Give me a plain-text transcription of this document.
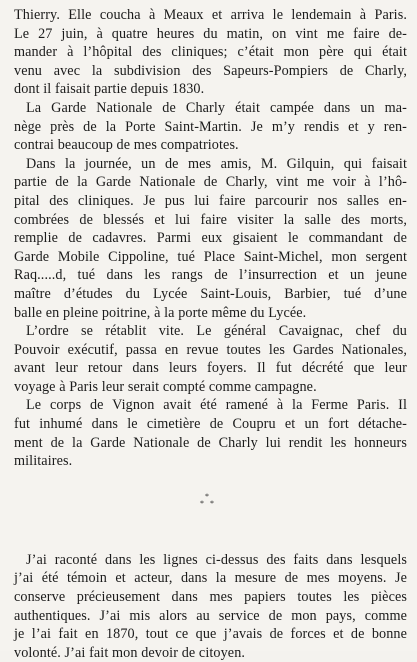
Thierry. Elle coucha à Meaux et arriva le lendemain à Paris.
Le 27 juin, à quatre heures du matin, on vint me faire de-
mander à l’hôpital des cliniques; c’était mon père qui était
venu avec la subdivision des Sapeurs-Pompiers de Charly,
dont il faisait partie depuis 1830.
La Garde Nationale de Charly était campée dans un ma-
nège près de la Porte Saint-Martin. Je m’y rendis et y ren-
contrai beaucoup de mes compatriotes.
Dans la journée, un de mes amis, M. Gilquin, qui faisait
partie de la Garde Nationale de Charly, vint me voir à l’hô-
pital des cliniques. Je pus lui faire parcourir nos salles en-
combrées de blessés et lui faire visiter la salle des morts,
remplie de cadavres. Parmi eux gisaient le commandant de
Garde Mobile Cippoline, tué Place Saint-Michel, mon sergent
Raq.....d, tué dans les rangs de l’insurrection et un jeune
maître d’études du Lycée Saint-Louis, Barbier, tué d’une
balle en pleine poitrine, à la porte même du Lycée.
L’ordre se rétablit vite. Le général Cavaignac, chef du
Pouvoir exécutif, passa en revue toutes les Gardes Nationales,
avant leur retour dans leurs foyers. Il fut décrété que leur
voyage à Paris leur serait compté comme campagne.
Le corps de Vignon avait été ramené à la Ferme Paris. Il
fut inhumé dans le cimetière de Coupru et un fort détache-
ment de la Garde Nationale de Charly lui rendit les honneurs
militaires.
*
* *
J’ai raconté dans les lignes ci-dessus des faits dans lesquels
j’ai été témoin et acteur, dans la mesure de mes moyens. Je
conserve précieusement dans mes papiers toutes les pièces
authentiques. J’ai mis alors au service de mon pays, comme
je l’ai fait en 1870, tout ce que j’avais de forces et de bonne
volonté. J’ai fait mon devoir de citoyen.
